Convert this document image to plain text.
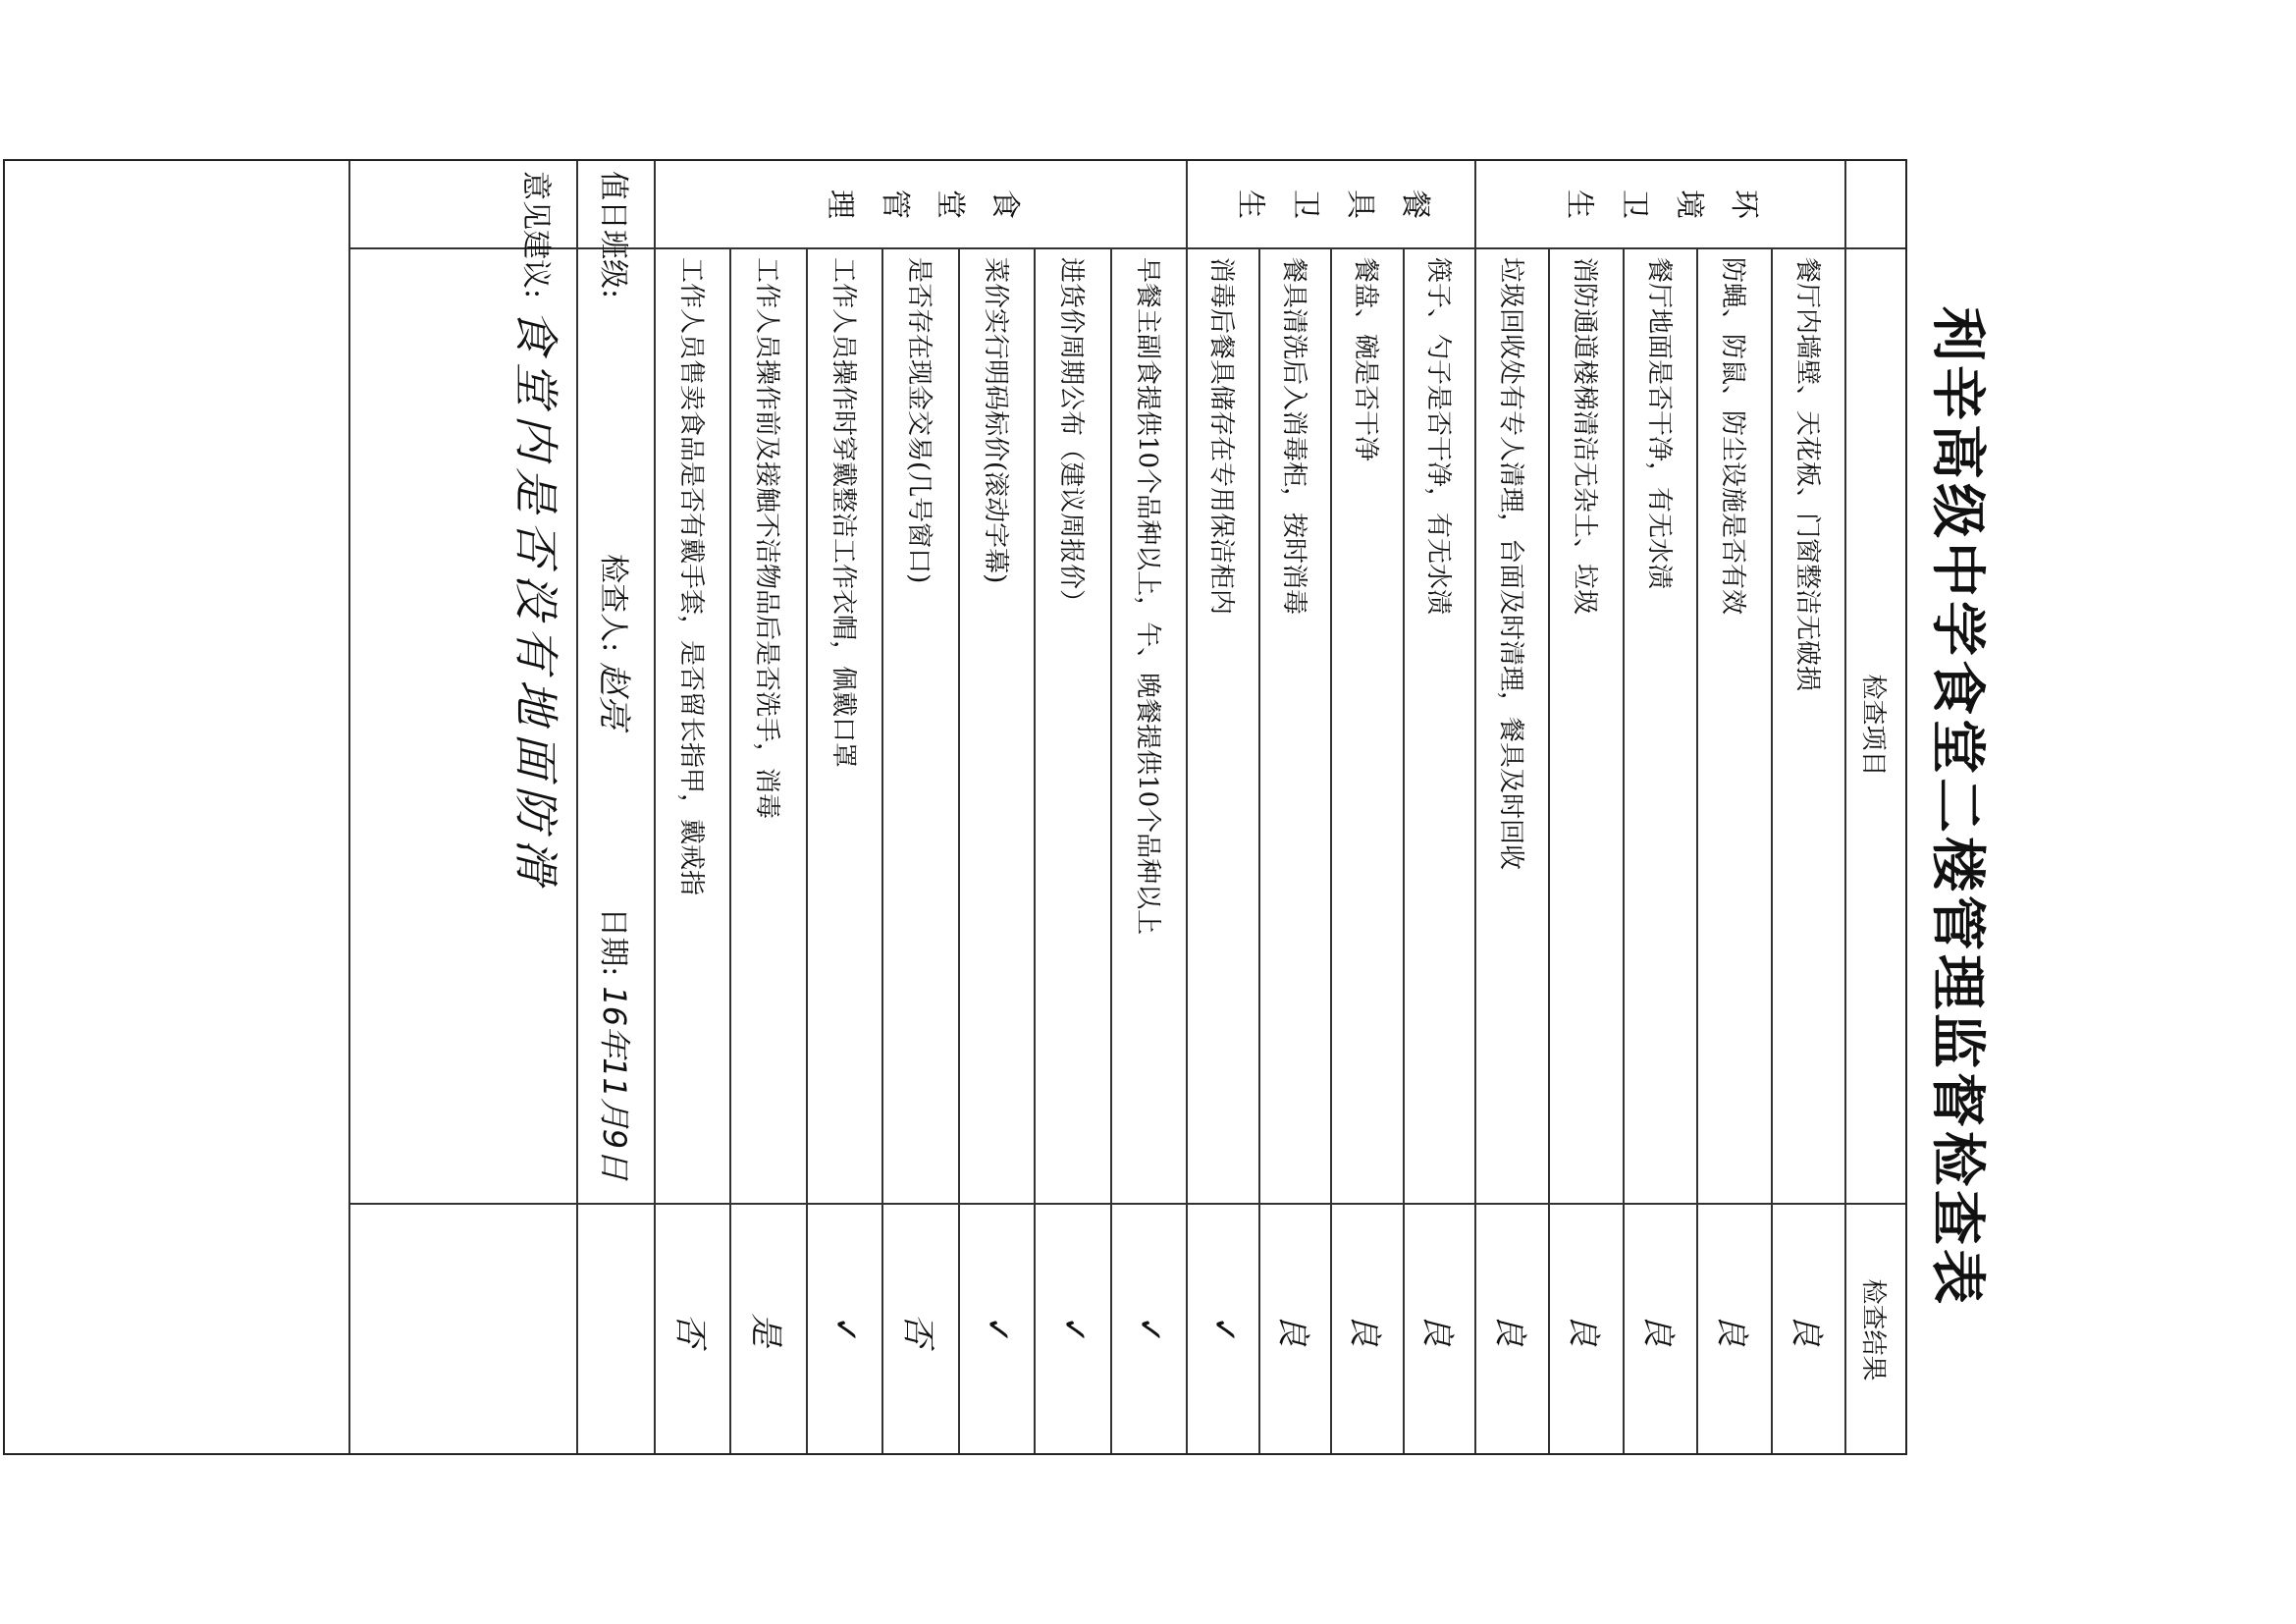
利辛高级中学食堂二楼管理监督检查表
检查项目
检查结果
环境卫生
餐具卫生
食堂管理
餐厅内墙壁、天花板、门窗整洁无破损
良
防蝇、防鼠、防尘设施是否有效
良
餐厅地面是否干净，有无水渍
良
消防通道楼梯清洁无杂土、垃圾
良
垃圾回收处有专人清理，台面及时清理，餐具及时回收
良
筷子、勺子是否干净，有无水渍
良
餐盘、碗是否干净
良
餐具清洗后入消毒柜，按时消毒
良
消毒后餐具储存在专用保洁柜内
✓
早餐主副食提供10个品种以上，午、晚餐提供10个品种以上
✓
进货价周期公布（建议周报价）
✓
菜价实行明码标价(滚动字幕)
✓
是否存在现金交易(几号窗口)
否
工作人员操作时穿戴整洁工作衣帽，佩戴口罩
✓
工作人员操作前及接触不洁物品后是否洗手，消毒
是
工作人员售卖食品是否有戴手套，是否留长指甲，戴戒指
否
值日班级:
检查人:
赵亮
日期:
16年11月9日
意见建议:
食堂内是否没有地面防滑
